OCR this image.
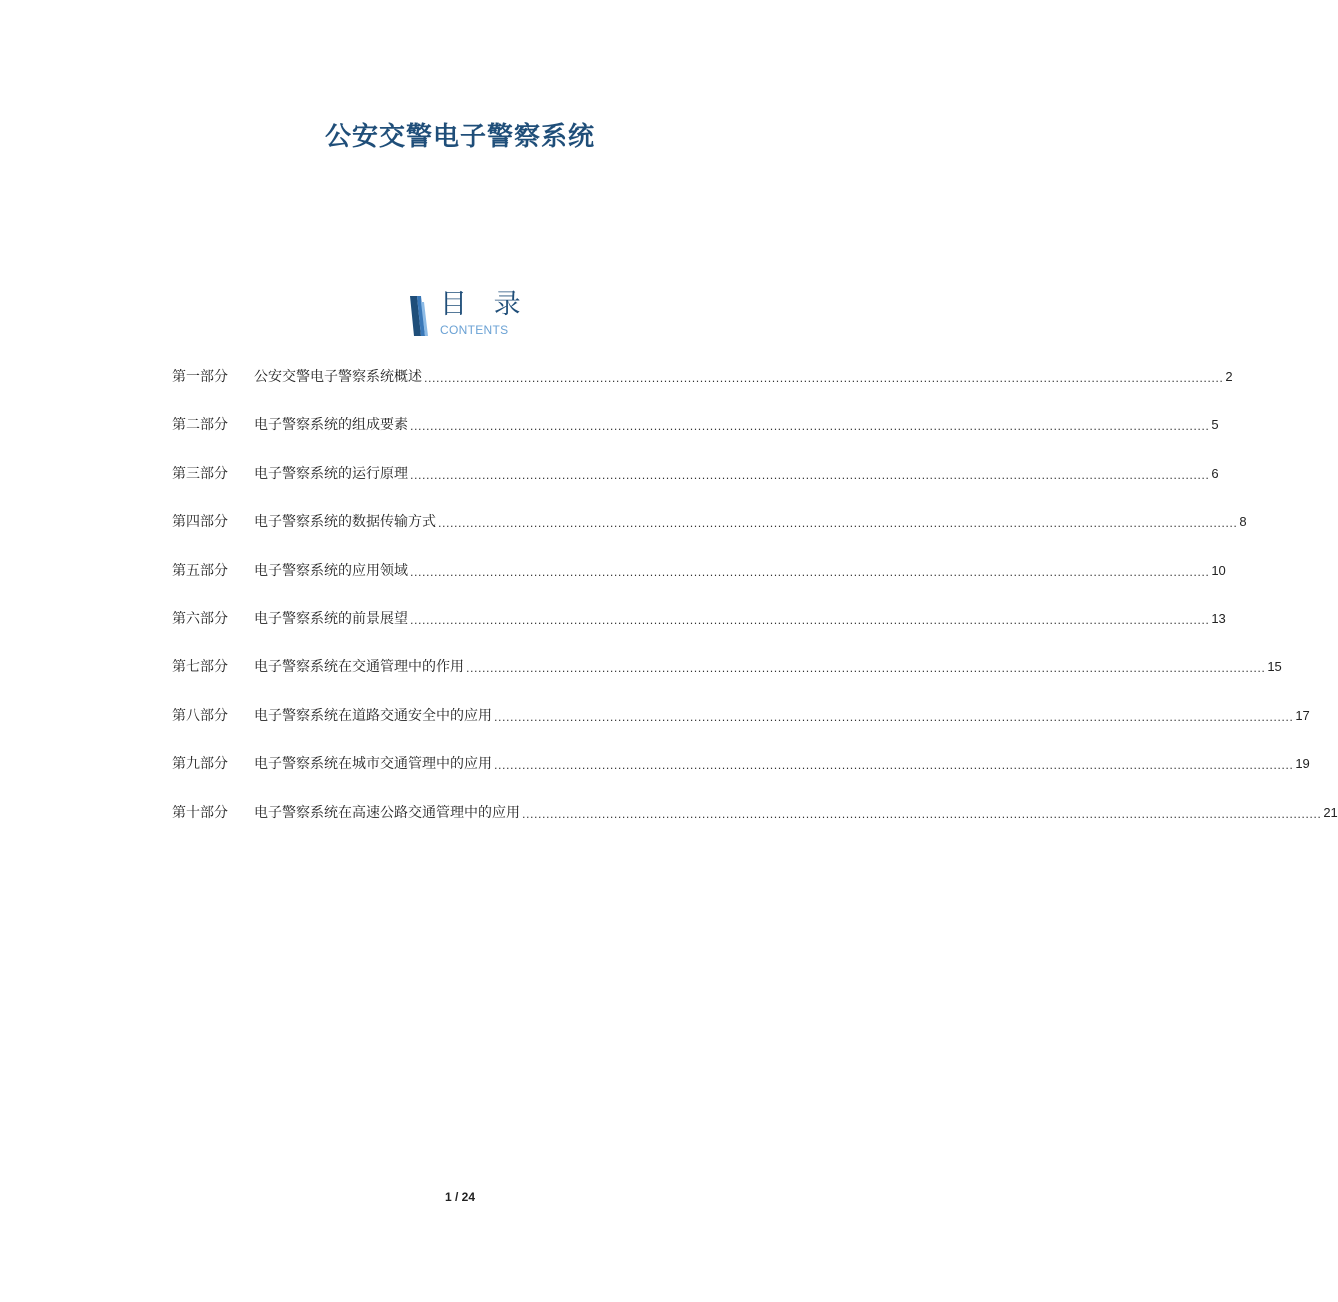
公安交警电子警察系统
目 录
CONTENTS
第一部分	公安交警电子警察系统概述 ........................................................................................................................................................................................................ 2
第二部分	电子警察系统的组成要素 ........................................................................................................................................................................................................ 5
第三部分	电子警察系统的运行原理 ........................................................................................................................................................................................................ 6
第四部分	电子警察系统的数据传输方式 ........................................................................................................................................................................................................ 8
第五部分	电子警察系统的应用领域 ........................................................................................................................................................................................................ 10
第六部分	电子警察系统的前景展望 ........................................................................................................................................................................................................ 13
第七部分	电子警察系统在交通管理中的作用 ........................................................................................................................................................................................................ 15
第八部分	电子警察系统在道路交通安全中的应用 ........................................................................................................................................................................................................ 17
第九部分	电子警察系统在城市交通管理中的应用 ........................................................................................................................................................................................................ 19
第十部分	电子警察系统在高速公路交通管理中的应用 ........................................................................................................................................................................................................ 21
1 / 24
